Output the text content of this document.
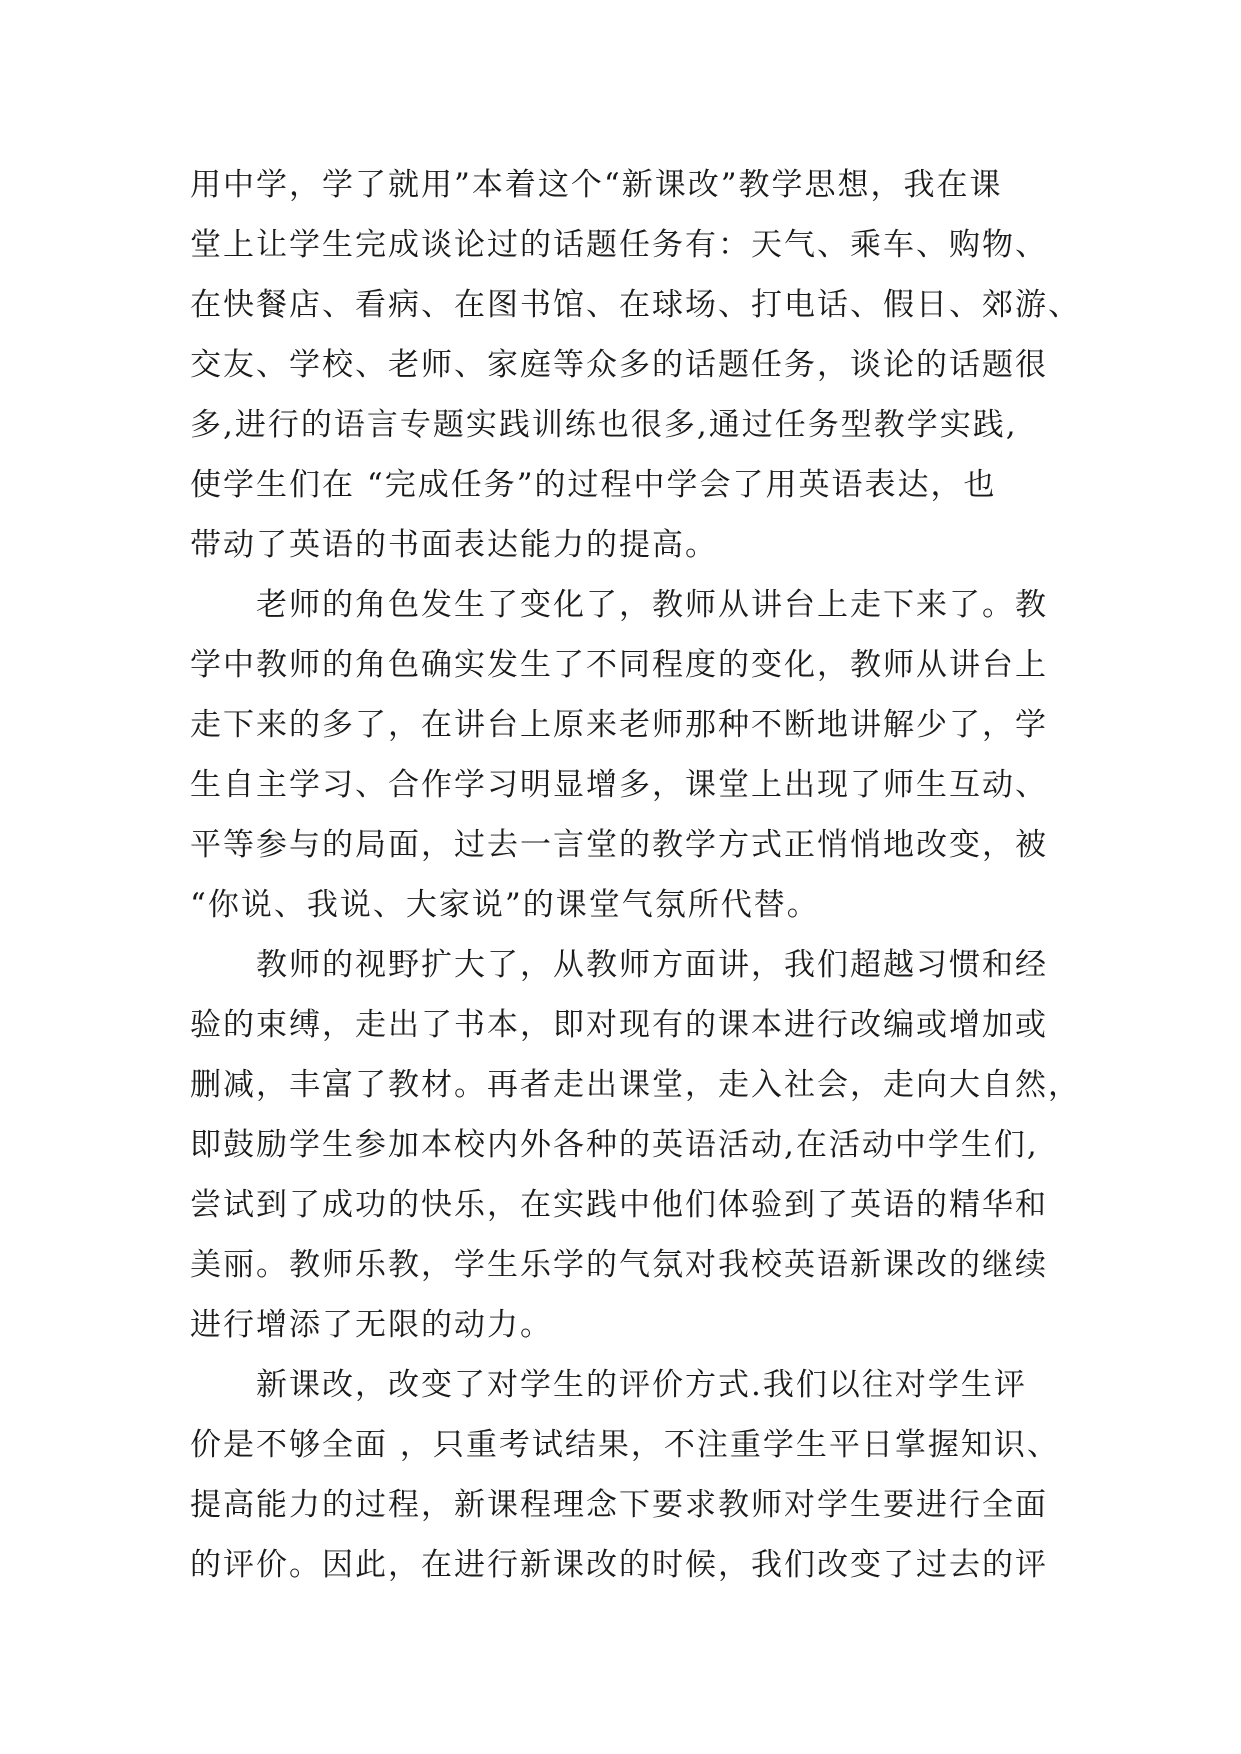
用中学，学了就用”本着这个“新课改”教学思想，我在课
堂上让学生完成谈论过的话题任务有：天气、乘车、购物、
在快餐店、看病、在图书馆、在球场、打电话、假日、郊游、
交友、学校、老师、家庭等众多的话题任务，谈论的话题很
多,进行的语言专题实践训练也很多,通过任务型教学实践,
使学生们在 “完成任务”的过程中学会了用英语表达，也
带动了英语的书面表达能力的提高。
　　老师的角色发生了变化了，教师从讲台上走下来了。教
学中教师的角色确实发生了不同程度的变化，教师从讲台上
走下来的多了，在讲台上原来老师那种不断地讲解少了，学
生自主学习、合作学习明显增多，课堂上出现了师生互动、
平等参与的局面，过去一言堂的教学方式正悄悄地改变，被
“你说、我说、大家说”的课堂气氛所代替。
　　教师的视野扩大了，从教师方面讲，我们超越习惯和经
验的束缚，走出了书本，即对现有的课本进行改编或增加或
删减，丰富了教材。再者走出课堂，走入社会，走向大自然，
即鼓励学生参加本校内外各种的英语活动,在活动中学生们,
尝试到了成功的快乐，在实践中他们体验到了英语的精华和
美丽。教师乐教，学生乐学的气氛对我校英语新课改的继续
进行增添了无限的动力。
　　新课改，改变了对学生的评价方式.我们以往对学生评
价是不够全面 ，只重考试结果，不注重学生平日掌握知识、
提高能力的过程，新课程理念下要求教师对学生要进行全面
的评价。因此，在进行新课改的时候，我们改变了过去的评
